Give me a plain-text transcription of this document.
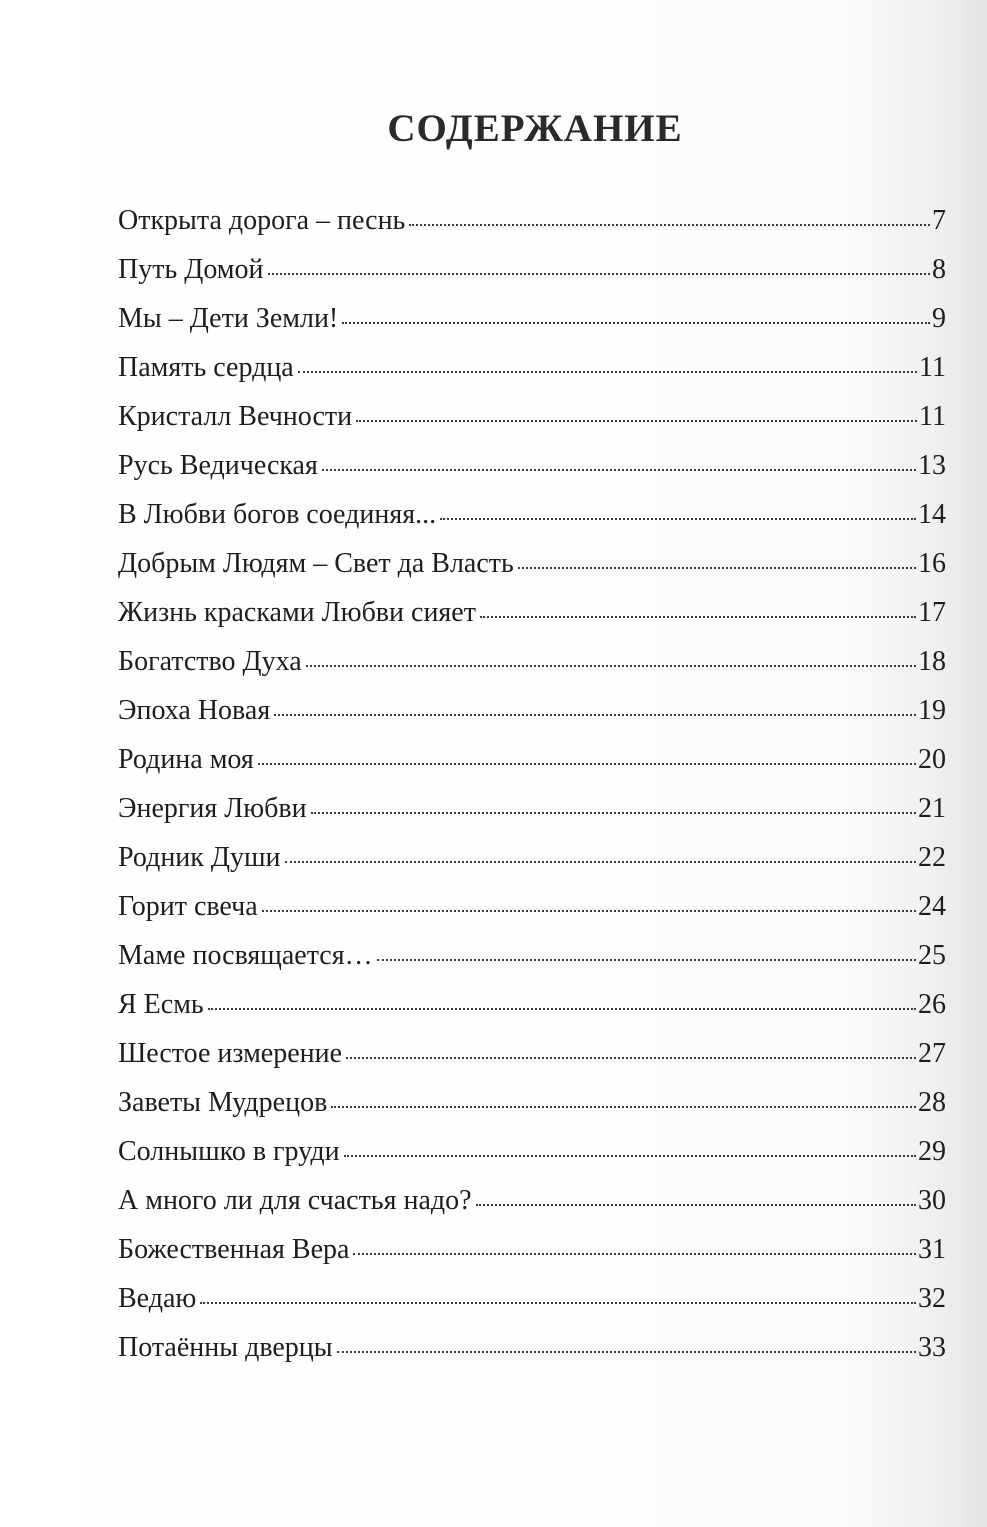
СОДЕРЖАНИЕ
Открыта дорога – песнь	7
Путь Домой	8
Мы – Дети Земли!	9
Память сердца	11
Кристалл Вечности	11
Русь Ведическая	13
В Любви богов соединяя...	14
Добрым Людям – Свет да Власть	16
Жизнь красками Любви сияет	17
Богатство Духа	18
Эпоха Новая	19
Родина моя	20
Энергия Любви	21
Родник Души	22
Горит свеча	24
Маме посвящается…	25
Я Есмь	26
Шестое измерение	27
Заветы Мудрецов	28
Солнышко в груди	29
А много ли для счастья надо?	30
Божественная Вера	31
Ведаю	32
Потаённы дверцы	33
